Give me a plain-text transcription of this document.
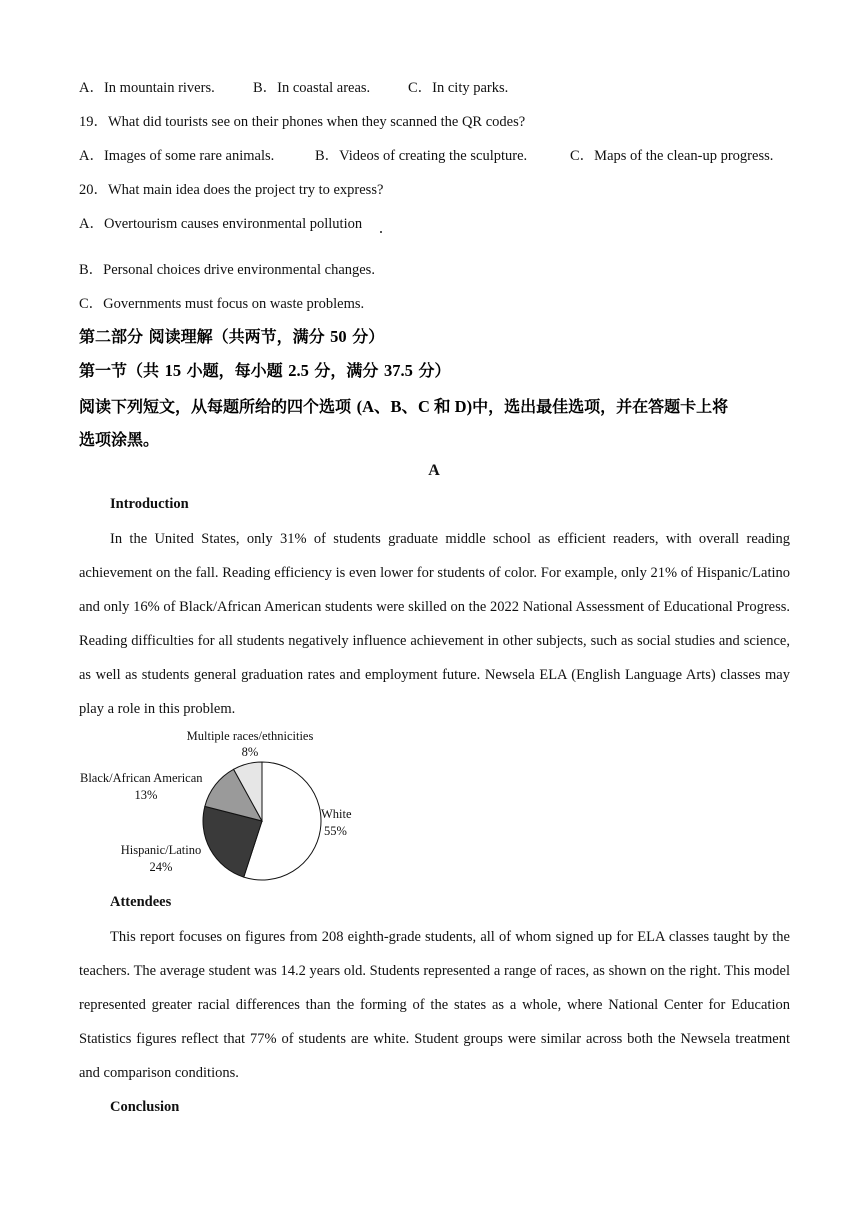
A．In mountain rivers.	B．In coastal areas.	C．In city parks.
19．What did tourists see on their phones when they scanned the QR codes?
A．Images of some rare animals.	B．Videos of creating the sculpture.	C．Maps of the clean-up progress.
20．What main idea does the project try to express?
A．Overtourism causes environmental pollution
B．Personal choices drive environmental changes.
C．Governments must focus on waste problems.
第二部分 阅读理解（共两节，满分 50 分）
第一节（共 15 小题，每小题 2.5 分，满分 37.5 分）
阅读下列短文，从每题所给的四个选项 (A、B、C 和 D)中，选出最佳选项，并在答题卡上将
选项涂黑。
A
Introduction

In the United States, only 31% of students graduate middle school as efficient readers, with overall reading achievement on the fall. Reading efficiency is even lower for students of color. For example, only 21% of Hispanic/Latino and only 16% of Black/African American students were skilled on the 2022 National Assessment of Educational Progress. Reading difficulties for all students negatively influence achievement in other subjects, such as social studies and science, as well as students general graduation rates and employment future. Newsela ELA (English Language Arts) classes may play a role in this problem.

Multiple races/ethnicities
8%
Black/African American
13%
Hispanic/Latino
24%
White
55%
Attendees

This report focuses on figures from 208 eighth-grade students, all of whom signed up for ELA classes taught by the teachers. The average student was 14.2 years old. Students represented a range of races, as shown on the right. This model represented greater racial differences than the forming of the states as a whole, where National Center for Education Statistics figures reflect that 77% of students are white. Student groups were similar across both the Newsela treatment and comparison conditions.

Conclusion
